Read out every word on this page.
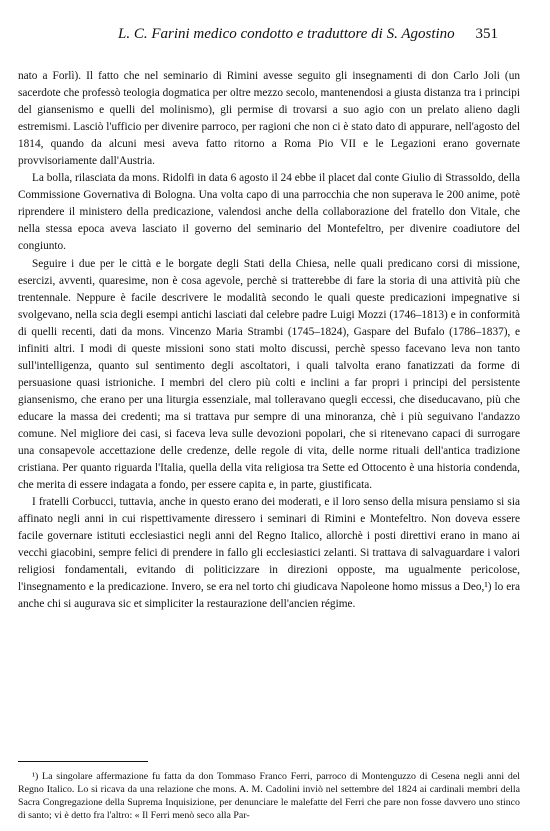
L. C. Farini medico condotto e traduttore di S. Agostino	351

nato a Forlì). Il fatto che nel seminario di Rimini avesse seguito gli insegnamenti di don Carlo Joli (un sacerdote che professò teologia dogmatica per oltre mezzo secolo, mantenendosi a giusta distanza tra i principi del giansenismo e quelli del molinismo), gli permise di trovarsi a suo agio con un prelato alieno dagli estremismi. Lasciò l'ufficio per divenire parroco, per ragioni che non ci è stato dato di appurare, nell'agosto del 1814, quando da alcuni mesi aveva fatto ritorno a Roma Pio VII e le Legazioni erano governate provvisoriamente dall'Austria.

La bolla, rilasciata da mons. Ridolfi in data 6 agosto il 24 ebbe il placet dal conte Giulio di Strassoldo, della Commissione Governativa di Bologna. Una volta capo di una parrocchia che non superava le 200 anime, potè riprendere il ministero della predicazione, valendosi anche della collaborazione del fratello don Vitale, che nella stessa epoca aveva lasciato il governo del seminario del Montefeltro, per divenire coadiutore del congiunto.

Seguire i due per le città e le borgate degli Stati della Chiesa, nelle quali predicano corsi di missione, esercizi, avventi, quaresime, non è cosa agevole, perchè si tratterebbe di fare la storia di una attività più che trentennale. Neppure è facile descrivere le modalità secondo le quali queste predicazioni impegnative si svolgevano, nella scia degli esempi antichi lasciati dal celebre padre Luigi Mozzi (1746–1813) e in conformità di quelli recenti, dati da mons. Vincenzo Maria Strambi (1745–1824), Gaspare del Bufalo (1786–1837), e infiniti altri. I modi di queste missioni sono stati molto discussi, perchè spesso facevano leva non tanto sull'intelligenza, quanto sul sentimento degli ascoltatori, i quali talvolta erano fanatizzati da forme di persuasione quasi istrioniche. I membri del clero più colti e inclini a far propri i principi del persistente giansenismo, che erano per una liturgia essenziale, mal tolleravano quegli eccessi, che diseducavano, più che educare la massa dei credenti; ma si trattava pur sempre di una minoranza, chè i più seguivano l'andazzo comune. Nel migliore dei casi, si faceva leva sulle devozioni popolari, che si ritenevano capaci di surrogare una consapevole accettazione delle credenze, delle regole di vita, delle norme rituali dell'antica tradizione cristiana. Per quanto riguarda l'Italia, quella della vita religiosa tra Sette ed Ottocento è una historia condenda, che merita di essere indagata a fondo, per essere capita e, in parte, giustificata.

I fratelli Corbucci, tuttavia, anche in questo erano dei moderati, e il loro senso della misura pensiamo si sia affinato negli anni in cui rispettivamente diressero i seminari di Rimini e Montefeltro. Non doveva essere facile governare istituti ecclesiastici negli anni del Regno Italico, allorchè i posti direttivi erano in mano ai vecchi giacobini, sempre felici di prendere in fallo gli ecclesiastici zelanti. Si trattava di salvaguardare i valori religiosi fondamentali, evitando di politicizzare in direzioni opposte, ma ugualmente pericolose, l'insegnamento e la predicazione. Invero, se era nel torto chi giudicava Napoleone homo missus a Deo,¹) lo era anche chi si augurava sic et simpliciter la restaurazione dell'ancien régime.

¹) La singolare affermazione fu fatta da don Tommaso Franco Ferri, parroco di Montenguzzo di Cesena negli anni del Regno Italico. Lo si ricava da una relazione che mons. A. M. Cadolini inviò nel settembre del 1824 ai cardinali membri della Sacra Congregazione della Suprema Inquisizione, per denunciare le malefatte del Ferri che pare non fosse davvero uno stinco di santo; vi è detto fra l'altro: « Il Ferri menò seco alla Par-
